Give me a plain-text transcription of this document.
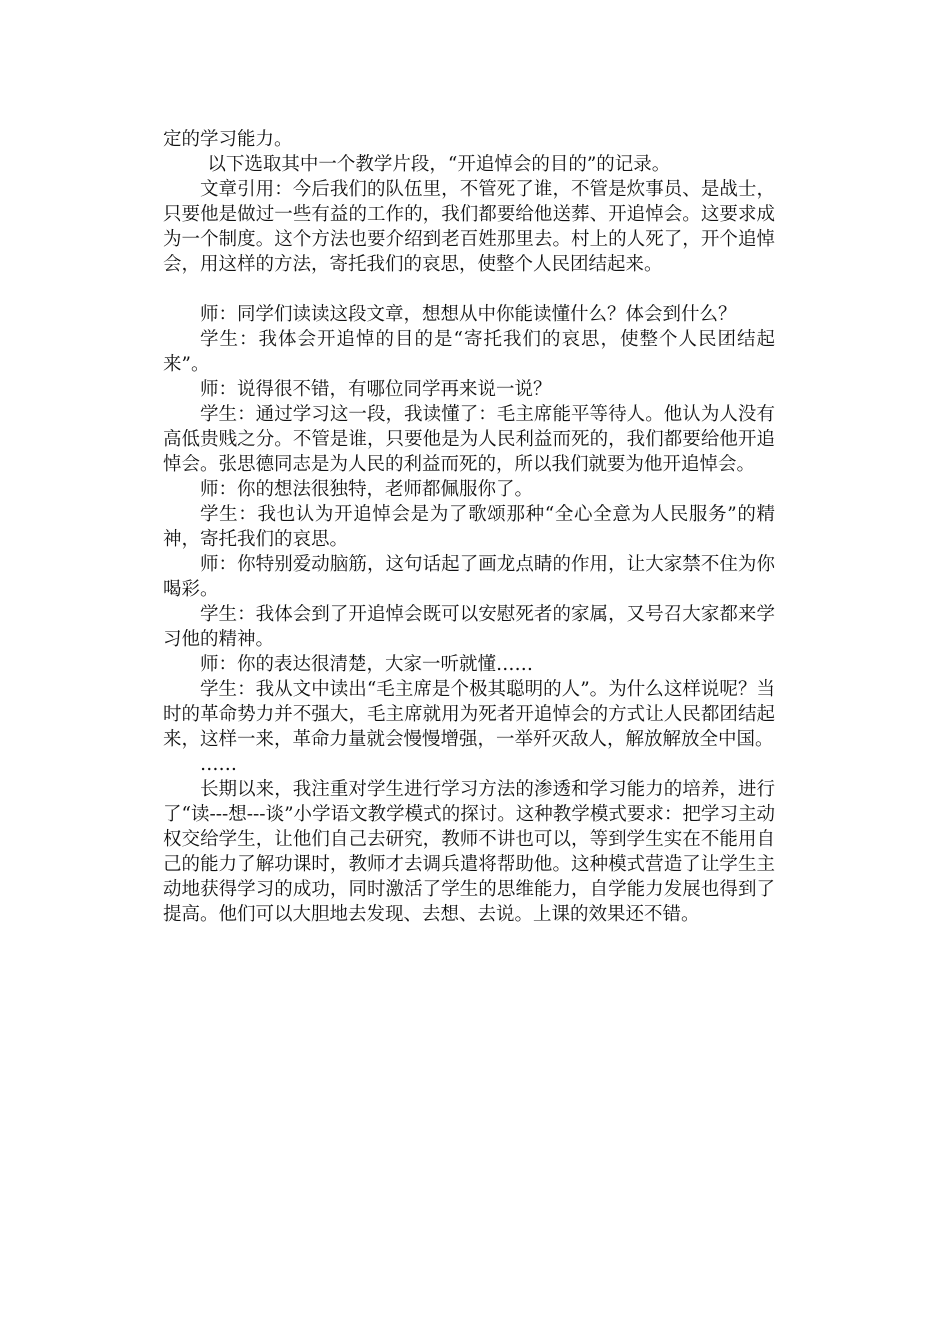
定的学习能力。

以下选取其中一个教学片段，“开追悼会的目的”的记录。

文章引用：今后我们的队伍里，不管死了谁，不管是炊事员、是战士，只要他是做过一些有益的工作的，我们都要给他送葬、开追悼会。这要求成为一个制度。这个方法也要介绍到老百姓那里去。村上的人死了，开个追悼会，用这样的方法，寄托我们的哀思，使整个人民团结起来。

师：同学们读读这段文章，想想从中你能读懂什么？体会到什么？

学生：我体会开追悼的目的是“寄托我们的哀思，使整个人民团结起来”。

师：说得很不错，有哪位同学再来说一说？

学生：通过学习这一段，我读懂了：毛主席能平等待人。他认为人没有高低贵贱之分。不管是谁，只要他是为人民利益而死的，我们都要给他开追悼会。张思德同志是为人民的利益而死的，所以我们就要为他开追悼会。

师：你的想法很独特，老师都佩服你了。

学生：我也认为开追悼会是为了歌颂那种“全心全意为人民服务”的精神，寄托我们的哀思。

师：你特别爱动脑筋，这句话起了画龙点睛的作用，让大家禁不住为你喝彩。

学生：我体会到了开追悼会既可以安慰死者的家属，又号召大家都来学习他的精神。

师：你的表达很清楚，大家一听就懂……

学生：我从文中读出“毛主席是个极其聪明的人”。为什么这样说呢？当时的革命势力并不强大，毛主席就用为死者开追悼会的方式让人民都团结起来，这样一来，革命力量就会慢慢增强，一举歼灭敌人，解放解放全中国。

……

长期以来，我注重对学生进行学习方法的渗透和学习能力的培养，进行了“读---想---谈”小学语文教学模式的探讨。这种教学模式要求：把学习主动权交给学生，让他们自己去研究，教师不讲也可以，等到学生实在不能用自己的能力了解功课时，教师才去调兵遣将帮助他。这种模式营造了让学生主动地获得学习的成功，同时激活了学生的思维能力，自学能力发展也得到了提高。他们可以大胆地去发现、去想、去说。上课的效果还不错。
